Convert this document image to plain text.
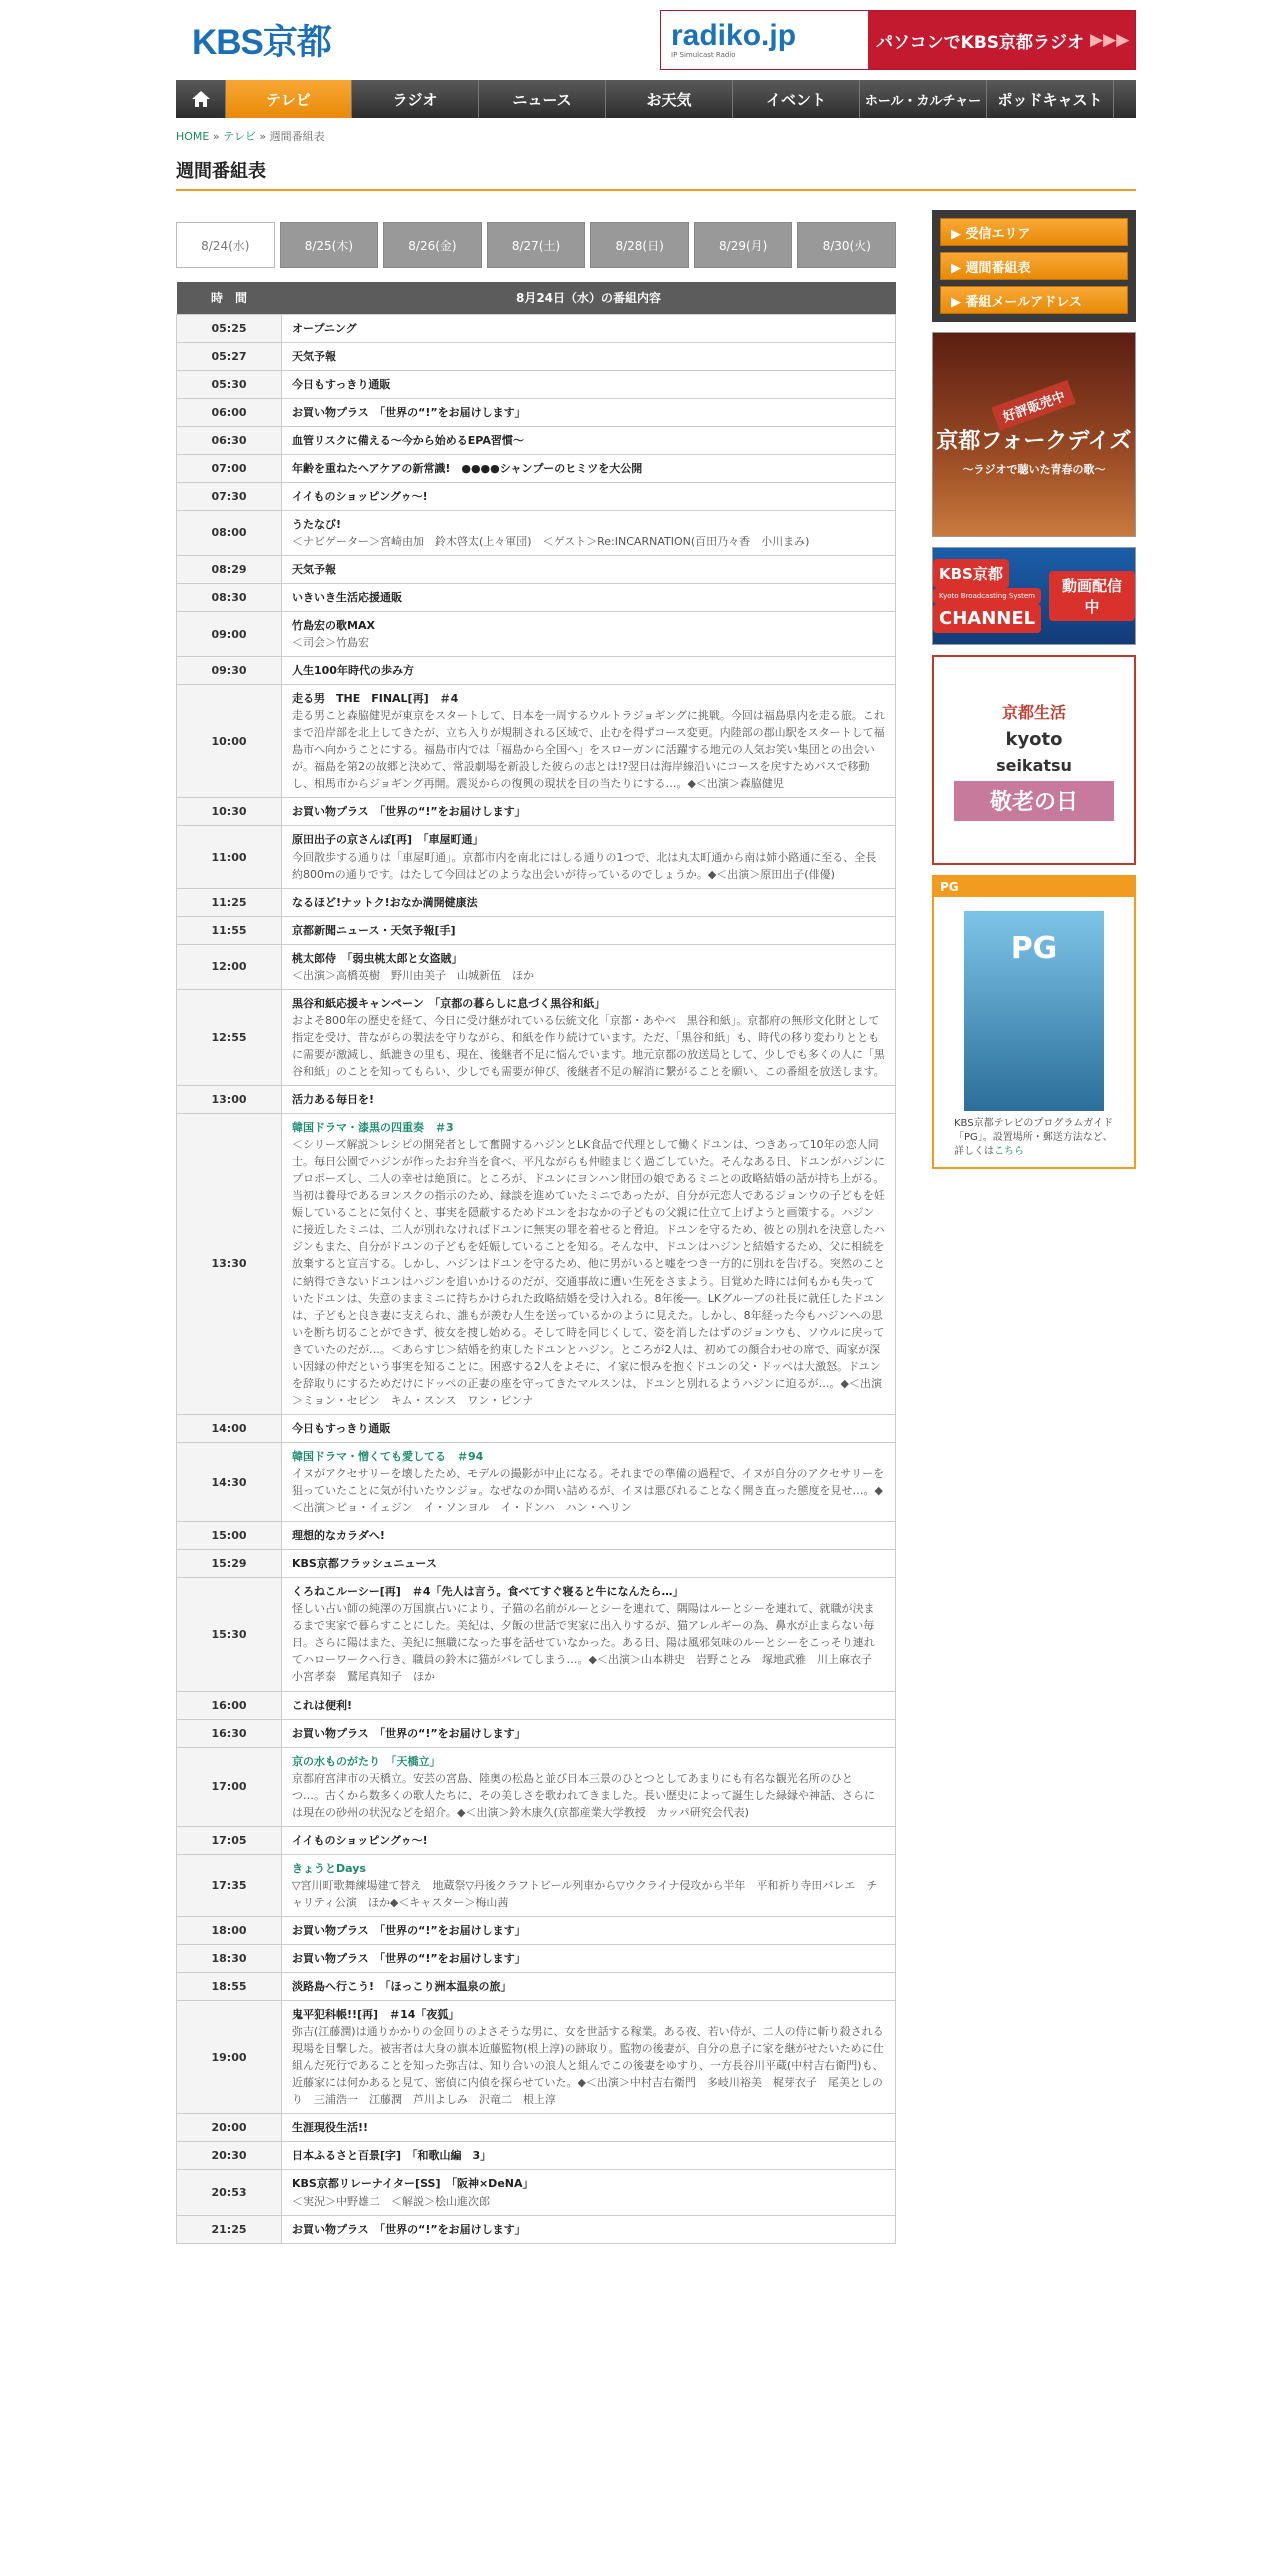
KBS京都	radiko.jp
IP Simulcast Radio
パソコンでKBS京都ラジオ ▶▶▶
テレビ	ラジオ	ニュース	お天気	イベント	ホール・カルチャー	ポッドキャスト
HOME » テレビ » 週間番組表
週間番組表
8/24(水)	8/25(木)	8/26(金)	8/27(土)	8/28(日)	8/29(月)	8/30(火)
時　間	8月24日（水）の番組内容
05:25	オープニング

05:27	天気予報

05:30	今日もすっきり通販

06:00	お買い物プラス　「世界の“!”をお届けします」

06:30	血管リスクに備える～今から始めるEPA習慣～

07:00	年齢を重ねたヘアケアの新常識!　●●●●シャンプーのヒミツを大公開

07:30	イイものショッピングゥ～!

08:00	うたなび!
＜ナビゲーター＞宮崎由加　鈴木啓太(上々軍団)　＜ゲスト＞Re:INCARNATION(百田乃々香　小川まみ)
08:29	天気予報

08:30	いきいき生活応援通販

09:00	竹島宏の歌MAX
＜司会＞竹島宏
09:30	人生100年時代の歩み方

10:00	走る男　THE　FINAL[再]　＃4
走る男こと森脇健児が東京をスタートして、日本を一周するウルトラジョギングに挑戦。今回は福島県内を走る旅。これまで沿岸部を北上してきたが、立ち入りが規制される区域で、止むを得ずコース変更。内陸部の郡山駅をスタートして福島市へ向かうことにする。福島市内では「福島から全国へ」をスローガンに活躍する地元の人気お笑い集団との出会いが。福島を第2の故郷と決めて、常設劇場を新設した彼らの志とは!?翌日は海岸線沿いにコースを戻すためバスで移動し、相馬市からジョギング再開。震災からの復興の現状を目の当たりにする…。◆＜出演＞森脇健児
10:30	お買い物プラス　「世界の“!”をお届けします」

11:00	原田出子の京さんぽ[再]　「車屋町通」
今回散歩する通りは「車屋町通」。京都市内を南北にはしる通りの1つで、北は丸太町通から南は姉小路通に至る、全長約800mの通りです。はたして今回はどのような出会いが待っているのでしょうか。◆＜出演＞原田出子(俳優)
11:25	なるほど!ナットク!おなか満開健康法

11:55	京都新聞ニュース・天気予報[手]

12:00	桃太郎侍　「弱虫桃太郎と女盗賊」
＜出演＞高橋英樹　野川由美子　山城新伍　ほか
12:55	黒谷和紙応援キャンペーン　「京都の暮らしに息づく黒谷和紙」
およそ800年の歴史を経て、今日に受け継がれている伝統文化「京都・あやべ　黒谷和紙」。京都府の無形文化財として指定を受け、昔ながらの製法を守りながら、和紙を作り続けています。ただ、「黒谷和紙」も、時代の移り変わりとともに需要が激減し、紙漉きの里も、現在、後継者不足に悩んでいます。地元京都の放送局として、少しでも多くの人に「黒谷和紙」のことを知ってもらい、少しでも需要が伸び、後継者不足の解消に繋がることを願い、この番組を放送します。
13:00	活力ある毎日を!

13:30	韓国ドラマ・漆黒の四重奏　＃3
＜シリーズ解説＞レシピの開発者として奮闘するハジンとLK食品で代理として働くドユンは、つきあって10年の恋人同士。毎日公園でハジンが作ったお弁当を食べ、平凡ながらも仲睦まじく過ごしていた。そんなある日、ドユンがハジンにプロポーズし、二人の幸せは絶頂に。ところが、ドユンにヨンハン財団の娘であるミニとの政略結婚の話が持ち上がる。当初は養母であるヨンスクの指示のため、縁談を進めていたミニであったが、自分が元恋人であるジョンウの子どもを妊娠していることに気付くと、事実を隠蔽するためドユンをおなかの子どもの父親に仕立て上げようと画策する。ハジンに接近したミニは、二人が別れなければドユンに無実の罪を着せると脅迫。ドユンを守るため、彼との別れを決意したハジンもまた、自分がドユンの子どもを妊娠していることを知る。そんな中、ドユンはハジンと結婚するため、父に相続を放棄すると宣言する。しかし、ハジンはドユンを守るため、他に男がいると嘘をつき一方的に別れを告げる。突然のことに納得できないドユンはハジンを追いかけるのだが、交通事故に遭い生死をさまよう。目覚めた時には何もかも失っていたドユンは、失意のままミニに持ちかけられた政略結婚を受け入れる。8年後──。LKグループの社長に就任したドユンは、子どもと良き妻に支えられ、誰もが羨む人生を送っているかのように見えた。しかし、8年経った今もハジンへの思いを断ち切ることができず、彼女を捜し始める。そして時を同じくして、姿を消したはずのジョンウも、ソウルに戻ってきていたのだが…。＜あらすじ＞結婚を約束したドユンとハジン。ところが2人は、初めての顔合わせの席で、両家が深い因縁の仲だという事実を知ることに。困惑する2人をよそに、イ家に恨みを抱くドユンの父・ドッペは大激怒。ドユンを辞取りにするためだけにドッペの正妻の座を守ってきたマルスンは、ドユンと別れるようハジンに迫るが…。◆＜出演＞ミョン・セビン　キム・スンス　ワン・ビンナ
14:00	今日もすっきり通販

14:30	韓国ドラマ・憎くても愛してる　＃94
イヌがアクセサリーを壊したため、モデルの撮影が中止になる。それまでの準備の過程で、イヌが自分のアクセサリーを狙っていたことに気が付いたウンジョ。なぜなのか問い詰めるが、イヌは悪びれることなく開き直った態度を見せ…。◆＜出演＞ピョ・イェジン　イ・ソンヨル　イ・ドンハ　ハン・ヘリン
15:00	理想的なカラダへ!

15:29	KBS京都フラッシュニュース

15:30	くろねこルーシー[再]　＃4「先人は言う。食べてすぐ寝ると牛になんたら…」
怪しい占い師の純澤の万国旗占いにより、子猫の名前がルーとシーを連れて、隅陽はルーとシーを連れて、就職が決まるまで実家で暮らすことにした。美紀は、夕飯の世話で実家に出入りするが、猫アレルギーの為、鼻水が止まらない毎日。さらに陽はまた、美紀に無職になった事を話せていなかった。ある日、陽は風邪気味のルーとシーをこっそり連れてハローワークへ行き、職員の鈴木に猫がバレてしまう…。◆＜出演＞山本耕史　岩野ことみ　塚地武雅　川上麻衣子　小宮孝泰　鷲尾真知子　ほか
16:00	これは便利!

16:30	お買い物プラス　「世界の“!”をお届けします」

17:00	京の水ものがたり　「天橋立」
京都府宮津市の天橋立。安芸の宮島、陸奥の松島と並び日本三景のひとつとしてあまりにも有名な観光名所のひとつ…。古くから数多くの歌人たちに、その美しさを歌われてきました。長い歴史によって誕生した緑縁や神話、さらには現在の砂州の状況などを紹介。◆＜出演＞鈴木康久(京都産業大学教授　カッパ研究会代表)
17:05	イイものショッピングゥ～!

17:35	きょうとDays
▽宮川町歌舞練場建て替え　地蔵祭▽丹後クラフトビール列車から▽ウクライナ侵攻から半年　平和祈り寺田バレエ　チャリティ公演　ほか◆＜キャスター＞梅山茜
18:00	お買い物プラス　「世界の“!”をお届けします」

18:30	お買い物プラス　「世界の“!”をお届けします」

18:55	淡路島へ行こう!　「ほっこり洲本温泉の旅」

19:00	鬼平犯科帳!![再]　＃14「夜狐」
弥吉(江藤潤)は通りかかりの金回りのよさそうな男に、女を世話する稼業。ある夜、若い侍が、二人の侍に斬り殺される現場を目撃した。被害者は大身の旗本近藤監物(根上淳)の跡取り。監物の後妻が、自分の息子に家を継がせたいために仕組んだ死行であることを知った弥吉は、知り合いの浪人と組んでこの後妻をゆすり、一方長谷川平蔵(中村吉右衛門)も、近藤家には何かあると見て、密偵に内偵を探らせていた。◆＜出演＞中村吉右衛門　多岐川裕美　梶芽衣子　尾美としのり　三浦浩一　江藤潤　芦川よしみ　沢竜二　根上淳
20:00	生涯現役生活!!

20:30	日本ふるさと百景[字]　「和歌山編　3」

20:53	KBS京都リレーナイター[SS]　「阪神×DeNA」
＜実況＞中野雄二　＜解説＞桧山進次郎
21:25	お買い物プラス　「世界の“!”をお届けします」
▶ 受信エリア
▶ 週間番組表
▶ 番組メールアドレス
好評販売中
京都フォークデイズ
～ラジオで聴いた青春の歌～
KBS京都
Kyoto Broadcasting System
CHANNEL
動画配信中
京都生活
kyoto
seikatsu
敬老の日
PG
PG

KBS京都テレビのプログラムガイド「PG」。設置場所・郵送方法など、詳しくはこちら
